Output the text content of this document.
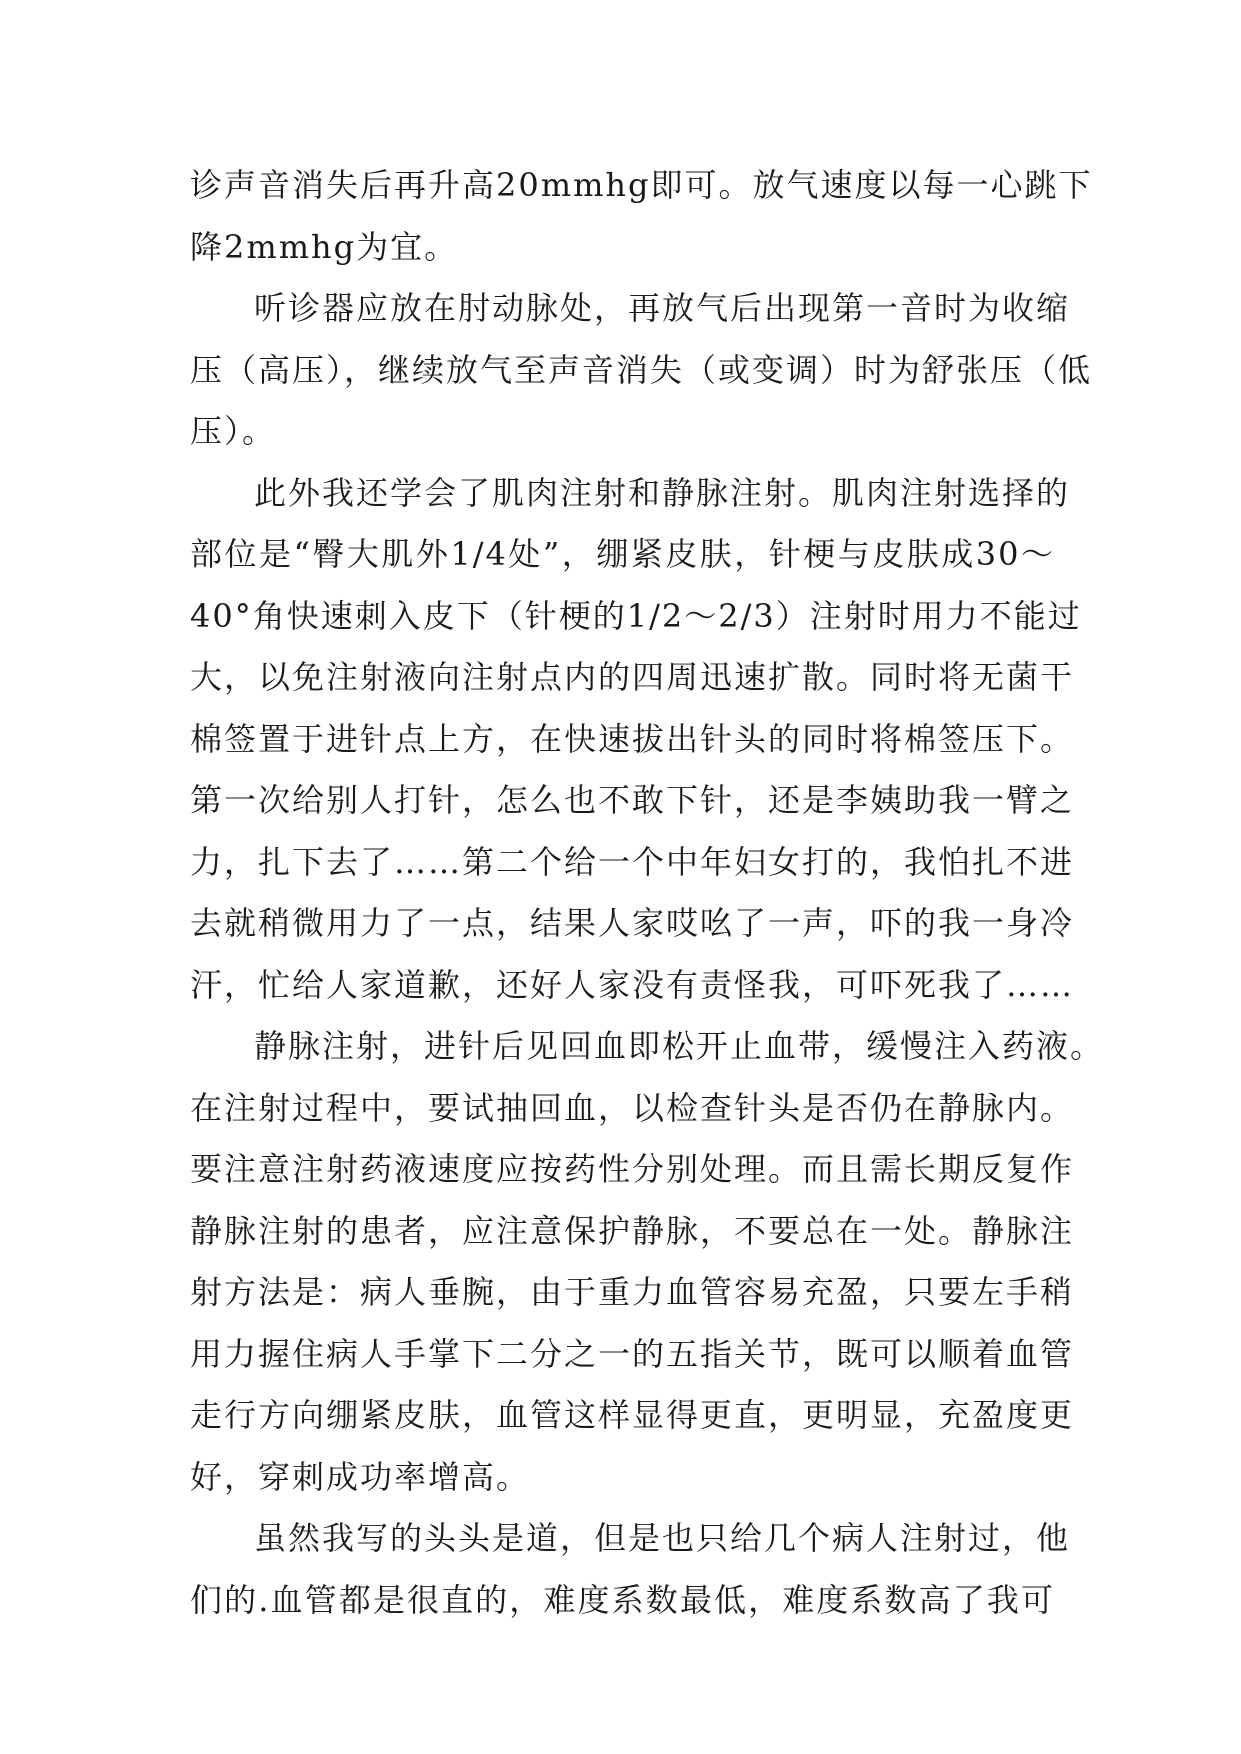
诊声音消失后再升高20mmhg即可。放气速度以每一心跳下
降2mmhg为宜。
听诊器应放在肘动脉处，再放气后出现第一音时为收缩
压（高压），继续放气至声音消失（或变调）时为舒张压（低
压）。
此外我还学会了肌肉注射和静脉注射。肌肉注射选择的
部位是“臀大肌外1/4处”，绷紧皮肤，针梗与皮肤成30～
40°角快速刺入皮下（针梗的1/2～2/3）注射时用力不能过
大，以免注射液向注射点内的四周迅速扩散。同时将无菌干
棉签置于进针点上方，在快速拔出针头的同时将棉签压下。
第一次给别人打针，怎么也不敢下针，还是李姨助我一臂之
力，扎下去了……第二个给一个中年妇女打的，我怕扎不进
去就稍微用力了一点，结果人家哎吆了一声，吓的我一身冷
汗，忙给人家道歉，还好人家没有责怪我，可吓死我了……
静脉注射，进针后见回血即松开止血带，缓慢注入药液。
在注射过程中，要试抽回血，以检查针头是否仍在静脉内。
要注意注射药液速度应按药性分别处理。而且需长期反复作
静脉注射的患者，应注意保护静脉，不要总在一处。静脉注
射方法是：病人垂腕，由于重力血管容易充盈，只要左手稍
用力握住病人手掌下二分之一的五指关节，既可以顺着血管
走行方向绷紧皮肤，血管这样显得更直，更明显，充盈度更
好，穿刺成功率增高。
虽然我写的头头是道，但是也只给几个病人注射过，他
们的.血管都是很直的，难度系数最低，难度系数高了我可
